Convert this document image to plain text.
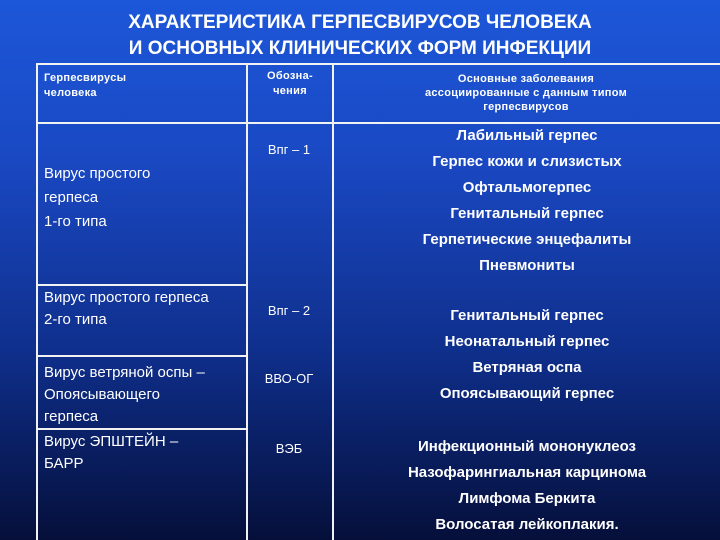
ХАРАКТЕРИСТИКА ГЕРПЕСВИРУСОВ ЧЕЛОВЕКА
И ОСНОВНЫХ КЛИНИЧЕСКИХ ФОРМ ИНФЕКЦИИ
Герпесвирусы
человека
Обозна-
чения
Основные заболевания
ассоциированные с данным типом
герпесвирусов
Вирус простого
герпеса
1-го типа
Впг – 1
Лабильный герпес
Герпес кожи и слизистых
Офтальмогерпес
Генитальный герпес
Герпетические энцефалиты
Пневмониты
Вирус простого герпеса
2-го типа
Впг – 2	Генитальный герпес
Неонатальный герпес
Вирус ветряной оспы –
Опоясывающего
герпеса
ВВО-ОГ
Ветряная оспа
Опоясывающий герпес
Вирус ЭПШТЕЙН –
БАРР
ВЭБ	Инфекционный мононуклеоз
Назофарингиальная карцинома
Лимфома Беркита
Волосатая лейкоплакия.
